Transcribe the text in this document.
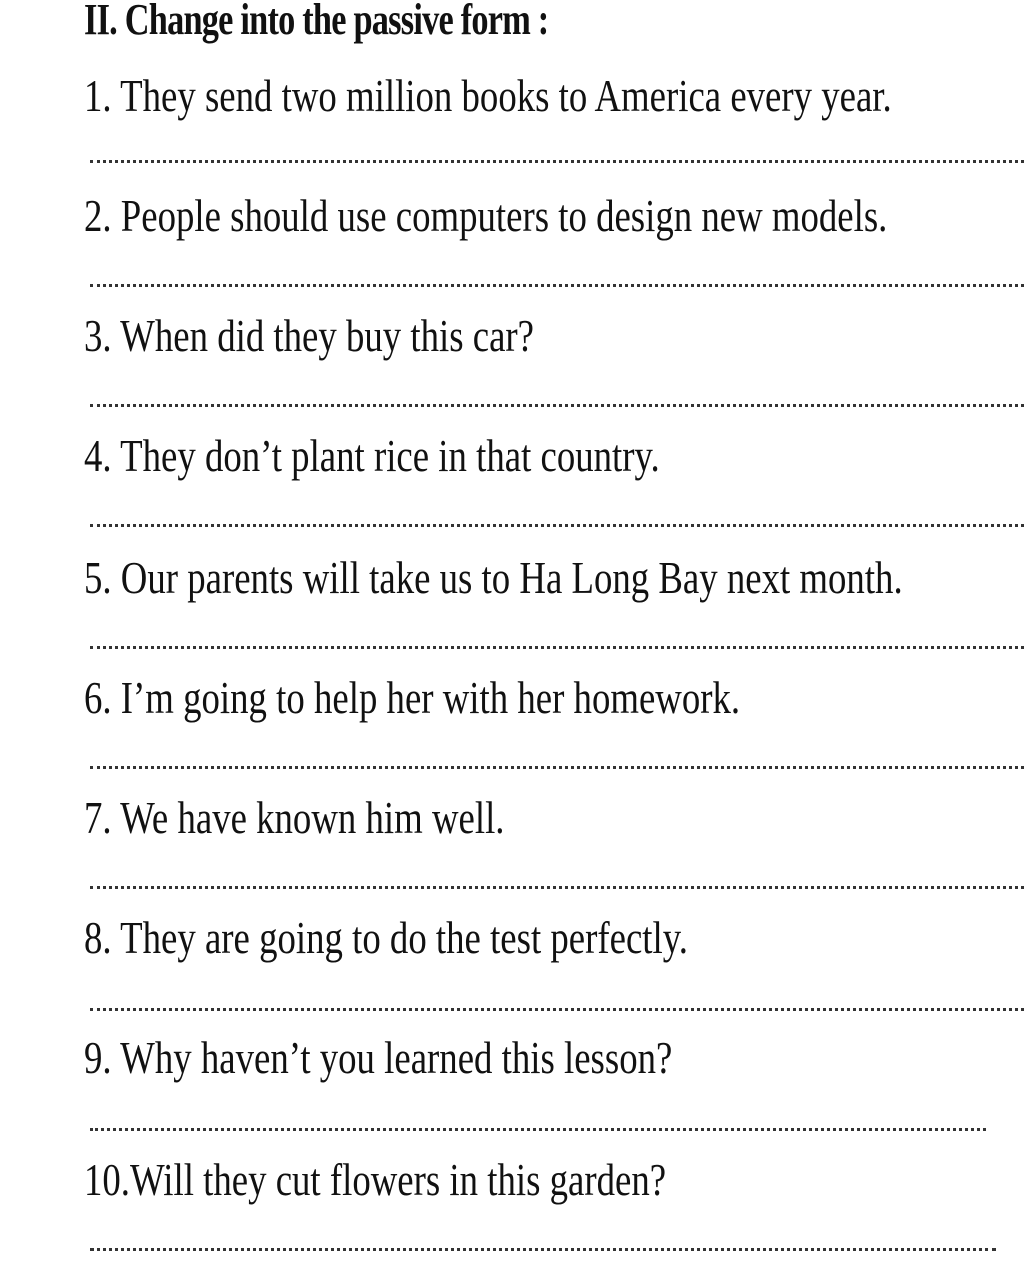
II. Change into the passive form :
1. They send two million books to America every year.
2. People should use computers to design new models.
3. When did they buy this car?
4. They don’t plant rice in that country.
5. Our parents will take us to Ha Long Bay next month.
6. I’m going to help her with her homework.
7. We have known him well.
8. They are going to do the test perfectly.
9. Why haven’t you learned this lesson?
10.Will they cut flowers in this garden?
